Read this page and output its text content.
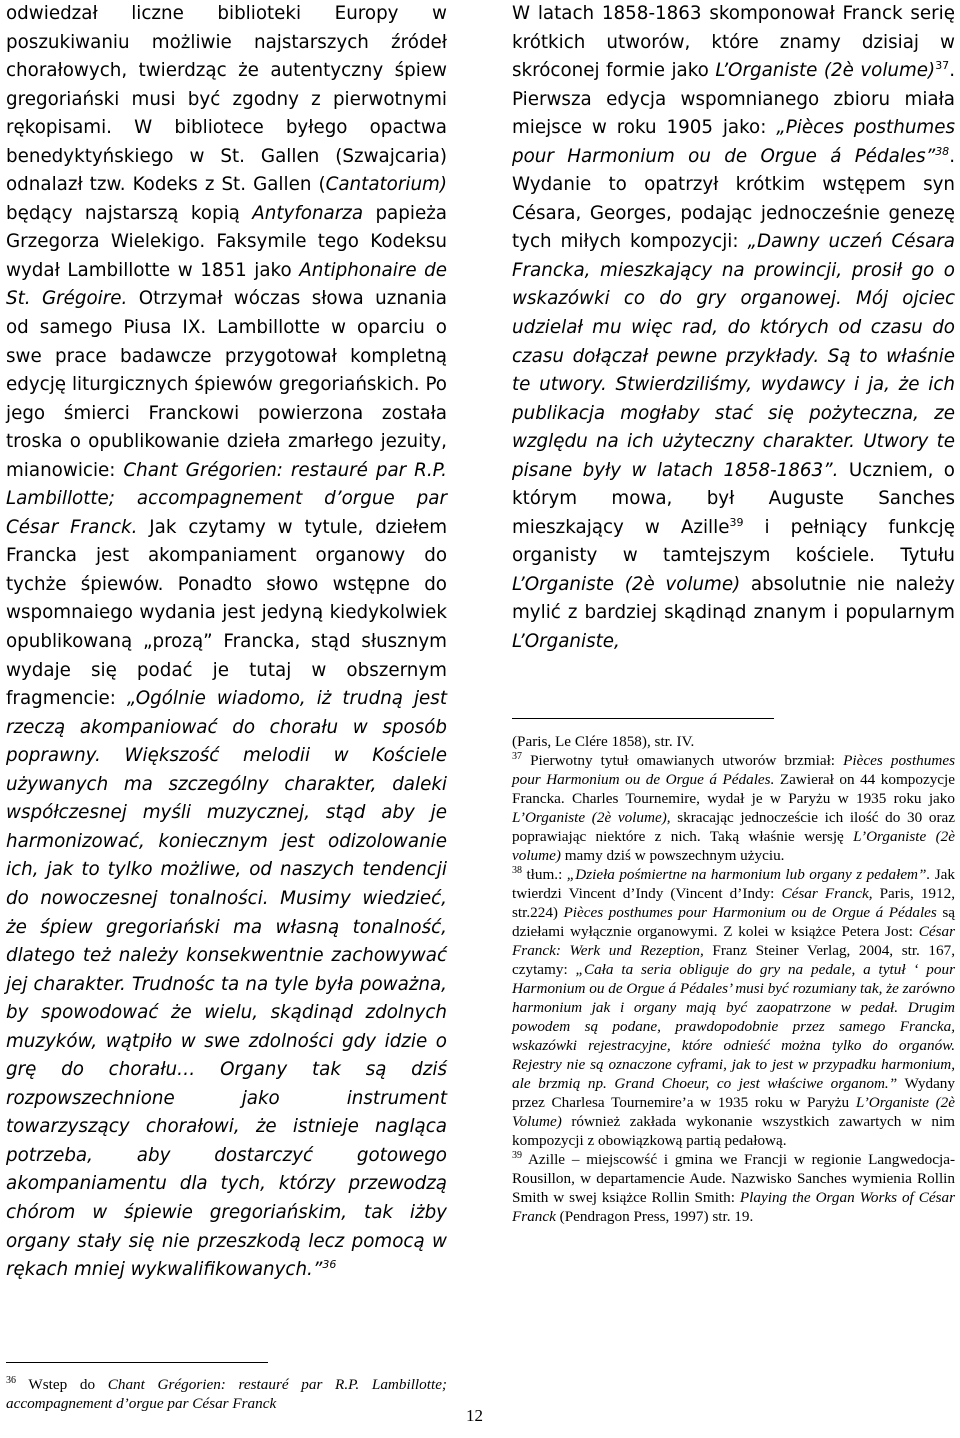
odwiedzał liczne biblioteki Europy w poszukiwaniu możliwie najstarszych źródeł chorałowych, twierdząc że autentyczny śpiew gregoriański musi być zgodny z pierwotnymi rękopisami. W bibliotece byłego opactwa benedyktyńskiego w St. Gallen (Szwajcaria) odnalazł tzw. Kodeks z St. Gallen (Cantatorium) będący najstarszą kopią Antyfonarza papieża Grzegorza Wielekigo. Faksymile tego Kodeksu wydał Lambillotte w 1851 jako Antiphonaire de St. Grégoire. Otrzymał wóczas słowa uznania od samego Piusa IX. Lambillotte w oparciu o swe prace badawcze przygotował kompletną edycję liturgicznych śpiewów gregoriańskich. Po jego śmierci Franckowi powierzona została troska o opublikowanie dzieła zmarłego jezuity, mianowicie: Chant Grégorien: restauré par R.P. Lambillotte; accompagnement d’orgue par César Franck. Jak czytamy w tytule, dziełem Francka jest akompaniament organowy do tychże śpiewów. Ponadto słowo wstępne do wspomnaiego wydania jest jedyną kiedykolwiek opublikowaną „prozą” Francka, stąd słusznym wydaje się podać je tutaj w obszernym fragmencie: „Ogólnie wiadomo, iż trudną jest rzeczą akompaniować do chorału w sposób poprawny. Większość melodii w Kościele używanych ma szczególny charakter, daleki współczesnej myśli muzycznej, stąd aby je harmonizować, koniecznym jest odizolowanie ich, jak to tylko możliwe, od naszych tendencji do nowoczesnej tonalności. Musimy wiedzieć, że śpiew gregoriański ma własną tonalność, dlatego też należy konsekwentnie zachowywać jej charakter. Trudnośc ta na tyle była poważna, by spowodować że wielu, skądinąd zdolnych muzyków, wątpiło w swe zdolności gdy idzie o grę do chorału… Organy tak są dziś rozpowszechnione jako instrument towarzyszący chorałowi, że istnieje nagląca potrzeba, aby dostarczyć gotowego akompaniamentu dla tych, którzy przewodzą chórom w śpiewie gregoriańskim, tak iżby organy stały się nie przeszkodą lecz pomocą w rękach mniej wykwalifikowanych.”$^{36}$

W latach 1858-1863 skomponował Franck serię krótkich utworów, które znamy dzisiaj w skróconej formie jako L’Organiste (2è volume)$^{37}$. Pierwsza edycja wspomnianego zbioru miała miejsce w roku 1905 jako: „Pièces posthumes pour Harmonium ou de Orgue á Pédales”$^{38}$. Wydanie to opatrzył krótkim wstępem syn Césara, Georges, podając jednocześnie genezę tych miłych kompozycji: „Dawny uczeń Césara Francka, mieszkający na prowincji, prosił go o wskazówki co do gry organowej. Mój ojciec udzielał mu więc rad, do których od czasu do czasu dołączał pewne przykłady. Są to właśnie te utwory. Stwierdziliśmy, wydawcy i ja, że ich publikacja mogłaby stać się pożyteczna, ze względu na ich użyteczny charakter. Utwory te pisane były w latach 1858-1863”. Uczniem, o którym mowa, był Auguste Sanches mieszkający w Azille$^{39}$ i pełniący funkcję organisty w tamtejszym kościele. Tytułu L’Organiste (2è volume) absolutnie nie należy mylić z bardziej skądinąd znanym i popularnym L’Organiste,

$^{36}$ Wstep do Chant Grégorien: restauré par R.P. Lambillotte; accompagnement d’orgue par César Franck

(Paris, Le Clére 1858), str. IV.

$^{37}$ Pierwotny tytuł omawianych utworów brzmiał: Pièces posthumes pour Harmonium ou de Orgue á Pédales. Zawierał on 44 kompozycje Francka. Charles Tournemire, wydał je w Paryżu w 1935 roku jako L’Organiste (2è volume), skracając jednoczeście ich ilość do 30 oraz poprawiając niektóre z nich. Taką właśnie wersję L’Organiste (2è volume) mamy dziś w powszechnym użyciu.

$^{38}$ tłum.: „Dzieła pośmiertne na harmonium lub organy z pedałem”. Jak twierdzi Vincent d’Indy (Vincent d’Indy: César Franck, Paris, 1912, str.224) Pièces posthumes pour Harmonium ou de Orgue á Pédales są dziełami wyłącznie organowymi. Z kolei w książce Petera Jost: César Franck: Werk und Rezeption, Franz Steiner Verlag, 2004, str. 167, czytamy: „Cała ta seria obliguje do gry na pedale, a tytuł ‘ pour Harmonium ou de Orgue á Pédales’ musi być rozumiany tak, że zarówno harmonium jak i organy mają być zaopatrzone w pedał. Drugim powodem są podane, prawdopodobnie przez samego Francka, wskazówki rejestracyjne, które odnieść można tylko do organów. Rejestry nie są oznaczone cyframi, jak to jest w przypadku harmonium, ale brzmią np. Grand Choeur, co jest właściwe organom.” Wydany przez Charlesa Tournemire’a w 1935 roku w Paryżu L’Organiste (2è Volume) również zakłada wykonanie wszystkich zawartych w nim kompozycji z obowiązkową partią pedałową.

$^{39}$ Azille – miejscowść i gmina we Francji w regionie Langwedocja-Rousillon, w departamencie Aude. Nazwisko Sanches wymienia Rollin Smith w swej książce Rollin Smith: Playing the Organ Works of César Franck (Pendragon Press, 1997) str. 19.

12
